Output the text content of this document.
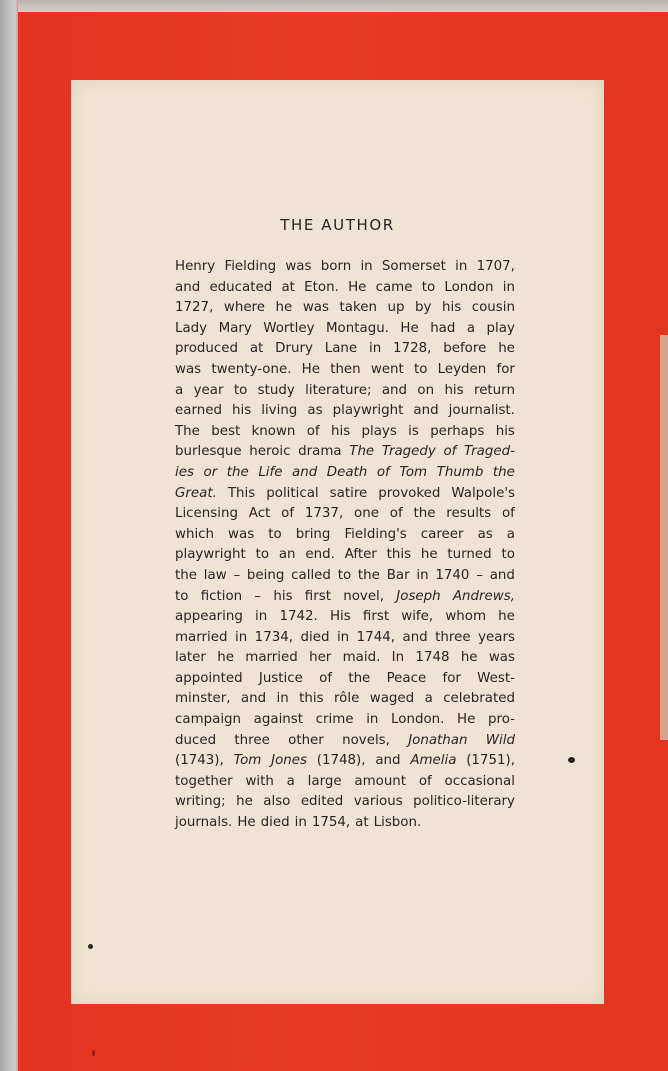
THE AUTHOR
Henry Fielding was born in Somerset in 1707,
and educated at Eton. He came to London in
1727, where he was taken up by his cousin
Lady Mary Wortley Montagu. He had a play
produced at Drury Lane in 1728, before he
was twenty-one. He then went to Leyden for
a year to study literature; and on his return
earned his living as playwright and journalist.
The best known of his plays is perhaps his
burlesque heroic drama The Tragedy of Traged-
ies or the Life and Death of Tom Thumb the
Great. This political satire provoked Walpole's
Licensing Act of 1737, one of the results of
which was to bring Fielding's career as a
playwright to an end. After this he turned to
the law – being called to the Bar in 1740 – and
to fiction – his first novel, Joseph Andrews,
appearing in 1742. His first wife, whom he
married in 1734, died in 1744, and three years
later he married her maid. In 1748 he was
appointed Justice of the Peace for West-
minster, and in this rôle waged a celebrated
campaign against crime in London. He pro-
duced three other novels, Jonathan Wild
(1743), Tom Jones (1748), and Amelia (1751),
together with a large amount of occasional
writing; he also edited various politico-literary
journals. He died in 1754, at Lisbon.
